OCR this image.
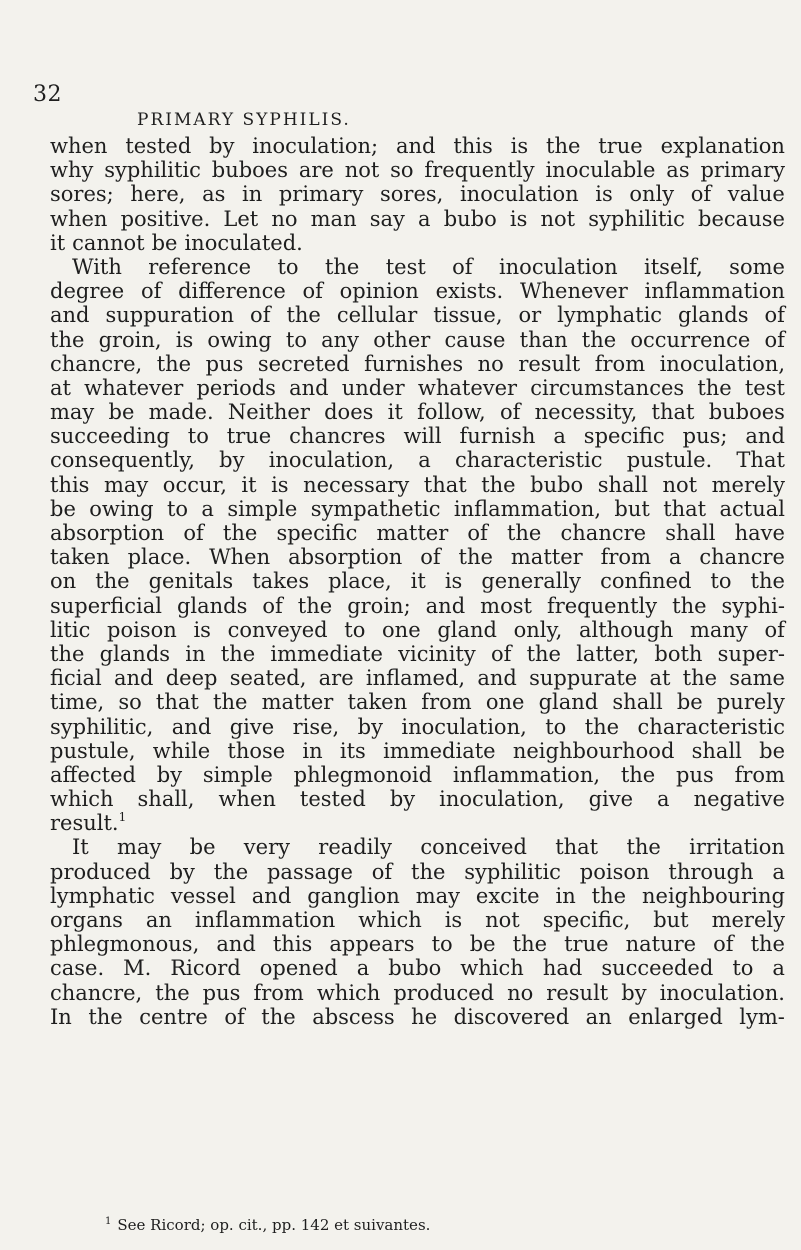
32
PRIMARY SYPHILIS.
when tested by inoculation; and this is the true explanation
why syphilitic buboes are not so frequently inoculable as primary
sores; here, as in primary sores, inoculation is only of value
when positive. Let no man say a bubo is not syphilitic because
it cannot be inoculated.
With reference to the test of inoculation itself, some
degree of difference of opinion exists. Whenever inflammation
and suppuration of the cellular tissue, or lymphatic glands of
the groin, is owing to any other cause than the occurrence of
chancre, the pus secreted furnishes no result from inoculation,
at whatever periods and under whatever circumstances the test
may be made. Neither does it follow, of necessity, that buboes
succeeding to true chancres will furnish a specific pus; and
consequently, by inoculation, a characteristic pustule. That
this may occur, it is necessary that the bubo shall not merely
be owing to a simple sympathetic inflammation, but that actual
absorption of the specific matter of the chancre shall have
taken place. When absorption of the matter from a chancre
on the genitals takes place, it is generally confined to the
superficial glands of the groin; and most frequently the syphi-
litic poison is conveyed to one gland only, although many of
the glands in the immediate vicinity of the latter, both super-
ficial and deep seated, are inflamed, and suppurate at the same
time, so that the matter taken from one gland shall be purely
syphilitic, and give rise, by inoculation, to the characteristic
pustule, while those in its immediate neighbourhood shall be
affected by simple phlegmonoid inflammation, the pus from
which shall, when tested by inoculation, give a negative
result.$^1$
It may be very readily conceived that the irritation
produced by the passage of the syphilitic poison through a
lymphatic vessel and ganglion may excite in the neighbouring
organs an inflammation which is not specific, but merely
phlegmonous, and this appears to be the true nature of the
case. M. Ricord opened a bubo which had succeeded to a
chancre, the pus from which produced no result by inoculation.
In the centre of the abscess he discovered an enlarged lym-
$^1$ See Ricord; op. cit., pp. 142 et suivantes.
